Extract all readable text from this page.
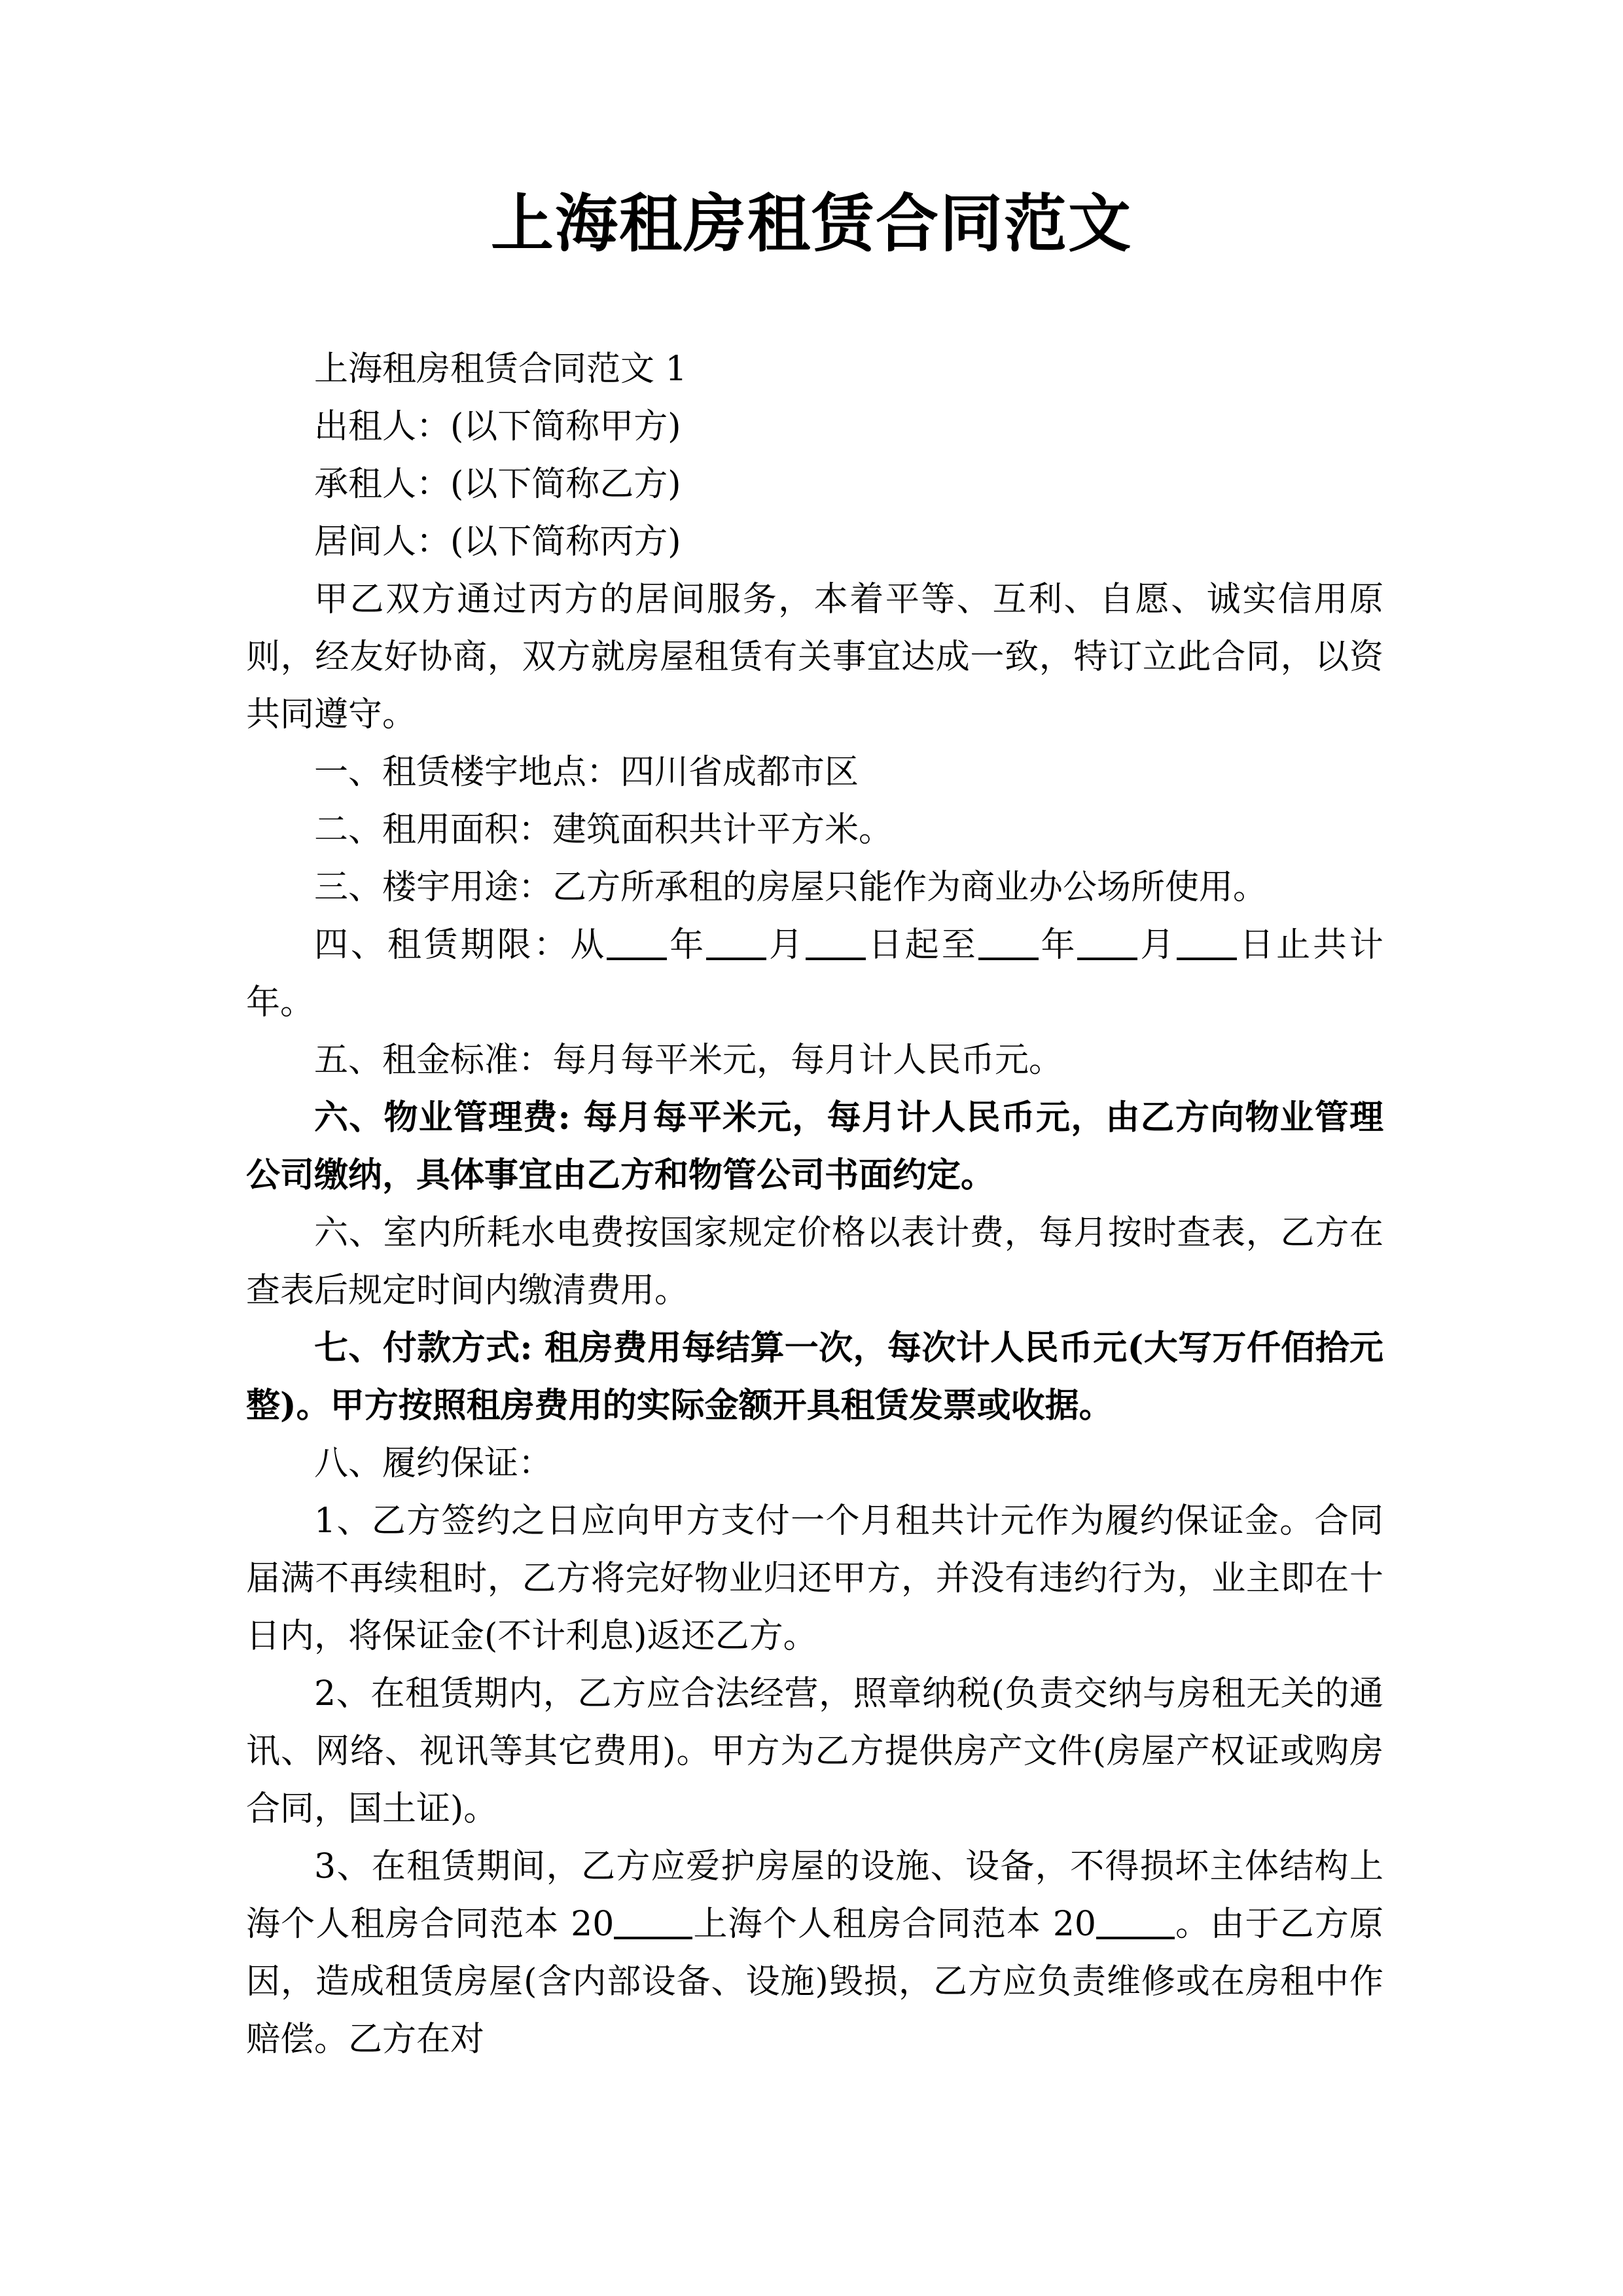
上海租房租赁合同范文

上海租房租赁合同范文 1

出租人：(以下简称甲方)

承租人：(以下简称乙方)

居间人：(以下简称丙方)

甲乙双方通过丙方的居间服务，本着平等、互利、自愿、诚实信用原则，经友好协商，双方就房屋租赁有关事宜达成一致，特订立此合同，以资共同遵守。

一、租赁楼宇地点：四川省成都市区

二、租用面积：建筑面积共计平方米。

三、楼宇用途：乙方所承租的房屋只能作为商业办公场所使用。

四、租赁期限：从 年 月 日起至 年 月 日止共计年。

五、租金标准：每月每平米元，每月计人民币元。

六、物业管理费: 每月每平米元，每月计人民币元，由乙方向物业管理公司缴纳，具体事宜由乙方和物管公司书面约定。

六、室内所耗水电费按国家规定价格以表计费，每月按时查表，乙方在查表后规定时间内缴清费用。

七、付款方式: 租房费用每结算一次，每次计人民币元(大写万仟佰拾元整)。甲方按照租房费用的实际金额开具租赁发票或收据。

八、履约保证：

1、乙方签约之日应向甲方支付一个月租共计元作为履约保证金。合同届满不再续租时，乙方将完好物业归还甲方，并没有违约行为，业主即在十日内，将保证金(不计利息)返还乙方。

2、在租赁期内，乙方应合法经营，照章纳税(负责交纳与房租无关的通讯、网络、视讯等其它费用)。甲方为乙方提供房产文件(房屋产权证或购房合同，国土证)。

3、在租赁期间，乙方应爱护房屋的设施、设备，不得损坏主体结构上海个人租房合同范本 20 上海个人租房合同范本 20 。由于乙方原因，造成租赁房屋(含内部设备、设施)毁损，乙方应负责维修或在房租中作赔偿。乙方在对
